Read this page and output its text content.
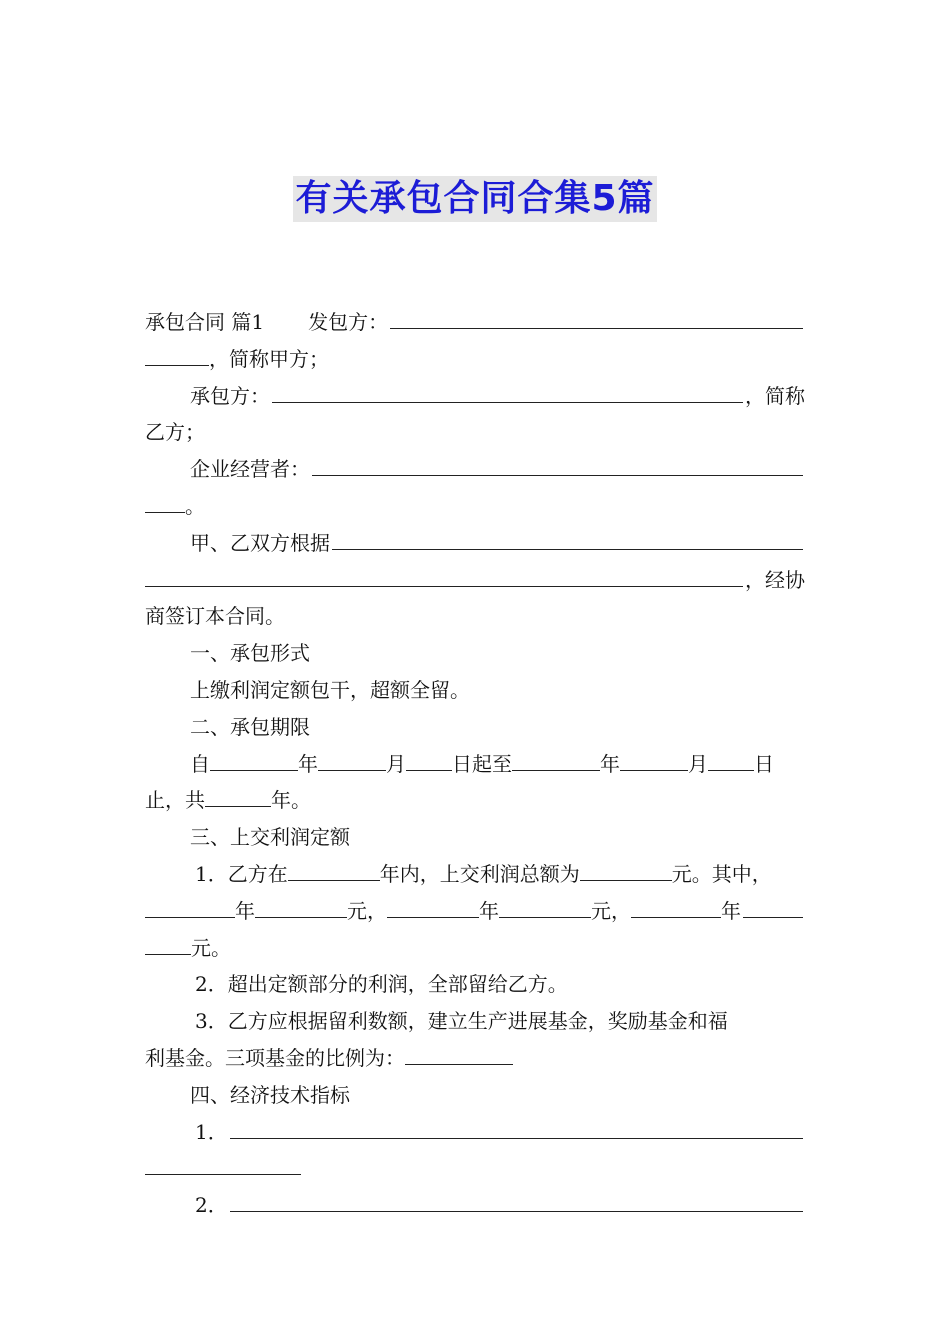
有关承包合同合集5篇
承包合同 篇1 发包方：
，简称甲方；
承包方：	，简称
乙方；
企业经营者：
。
甲、乙双方根据
，经协
商签订本合同。
一、承包形式
上缴利润定额包干，超额全留。
二、承包期限
自	年	月 日起至	年	月 日
止，共	年。
三、上交利润定额
1．乙方在	年内，上交利润总额为	元。其中，
年	元，	年	元，	年
元。
2．超出定额部分的利润，全部留给乙方。
3．乙方应根据留利数额，建立生产进展基金，奖励基金和福
利基金。三项基金的比例为：
四、经济技术指标
1．
2．
